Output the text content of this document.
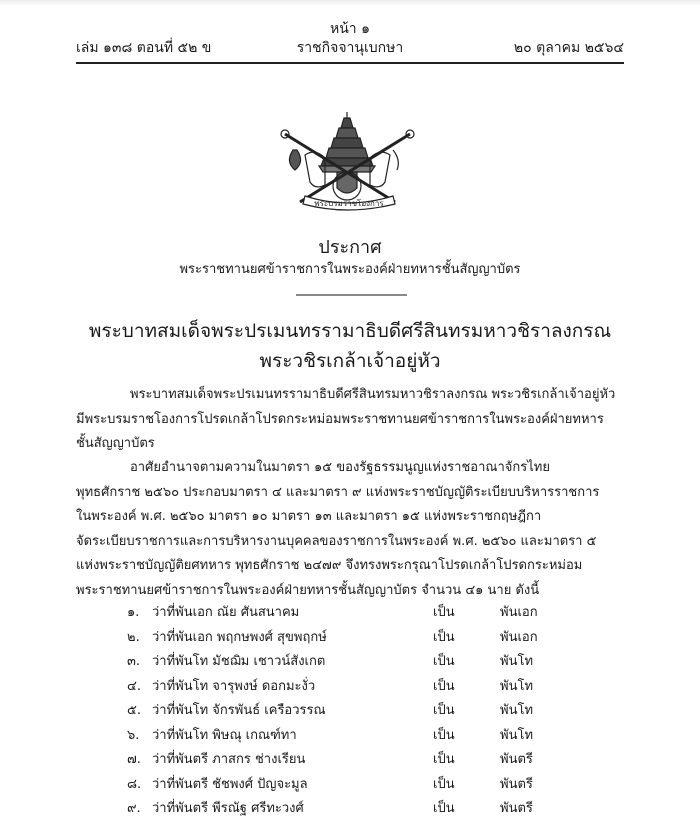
หน้า ๑
เล่ม ๑๓๘ ตอนที่ ๕๒ ข	ราชกิจจานุเบกษา	๒๐ ตุลาคม ๒๕๖๔
พระบรมราชโองการ
ประกาศ
พระราชทานยศข้าราชการในพระองค์ฝ่ายทหารชั้นสัญญาบัตร
พระบาทสมเด็จพระปรเมนทรรามาธิบดีศรีสินทรมหาวชิราลงกรณ
พระวชิรเกล้าเจ้าอยู่หัว
พระบาทสมเด็จพระปรเมนทรรามาธิบดีศรีสินทรมหาวชิราลงกรณ พระวชิรเกล้าเจ้าอยู่หัว
มีพระบรมราชโองการโปรดเกล้าโปรดกระหม่อมพระราชทานยศข้าราชการในพระองค์ฝ่ายทหาร
ชั้นสัญญาบัตร
อาศัยอำนาจตามความในมาตรา ๑๕ ของรัฐธรรมนูญแห่งราชอาณาจักรไทย
พุทธศักราช ๒๕๖๐ ประกอบมาตรา ๔ และมาตรา ๙ แห่งพระราชบัญญัติระเบียบบริหารราชการ
ในพระองค์ พ.ศ. ๒๕๖๐ มาตรา ๑๐ มาตรา ๑๓ และมาตรา ๑๕ แห่งพระราชกฤษฎีกา
จัดระเบียบราชการและการบริหารงานบุคคลของราชการในพระองค์ พ.ศ. ๒๕๖๐ และมาตรา ๕
แห่งพระราชบัญญัติยศทหาร พุทธศักราช ๒๔๗๙ จึงทรงพระกรุณาโปรดเกล้าโปรดกระหม่อม
พระราชทานยศข้าราชการในพระองค์ฝ่ายทหารชั้นสัญญาบัตร จำนวน ๔๑ นาย ดังนี้
๑. ว่าที่พันเอก ณัย ศันสนาคม	เป็น	พันเอก
๒. ว่าที่พันเอก พฤกษพงศ์ สุขพฤกษ์	เป็น	พันเอก
๓. ว่าที่พันโท มัชฌิม เชาวน์สังเกต	เป็น	พันโท
๔. ว่าที่พันโท จารุพงษ์ ดอกมะงั่ว	เป็น	พันโท
๕. ว่าที่พันโท จักรพันธ์ เครือวรรณ	เป็น	พันโท
๖. ว่าที่พันโท พิษณุ เกณฑ์ทา	เป็น	พันโท
๗. ว่าที่พันตรี ภาสกร ช่างเรียน	เป็น	พันตรี
๘. ว่าที่พันตรี ชัชพงศ์ ปัญจะมูล	เป็น	พันตรี
๙. ว่าที่พันตรี พีรณัฐ ศรีทะวงศ์	เป็น	พันตรี
